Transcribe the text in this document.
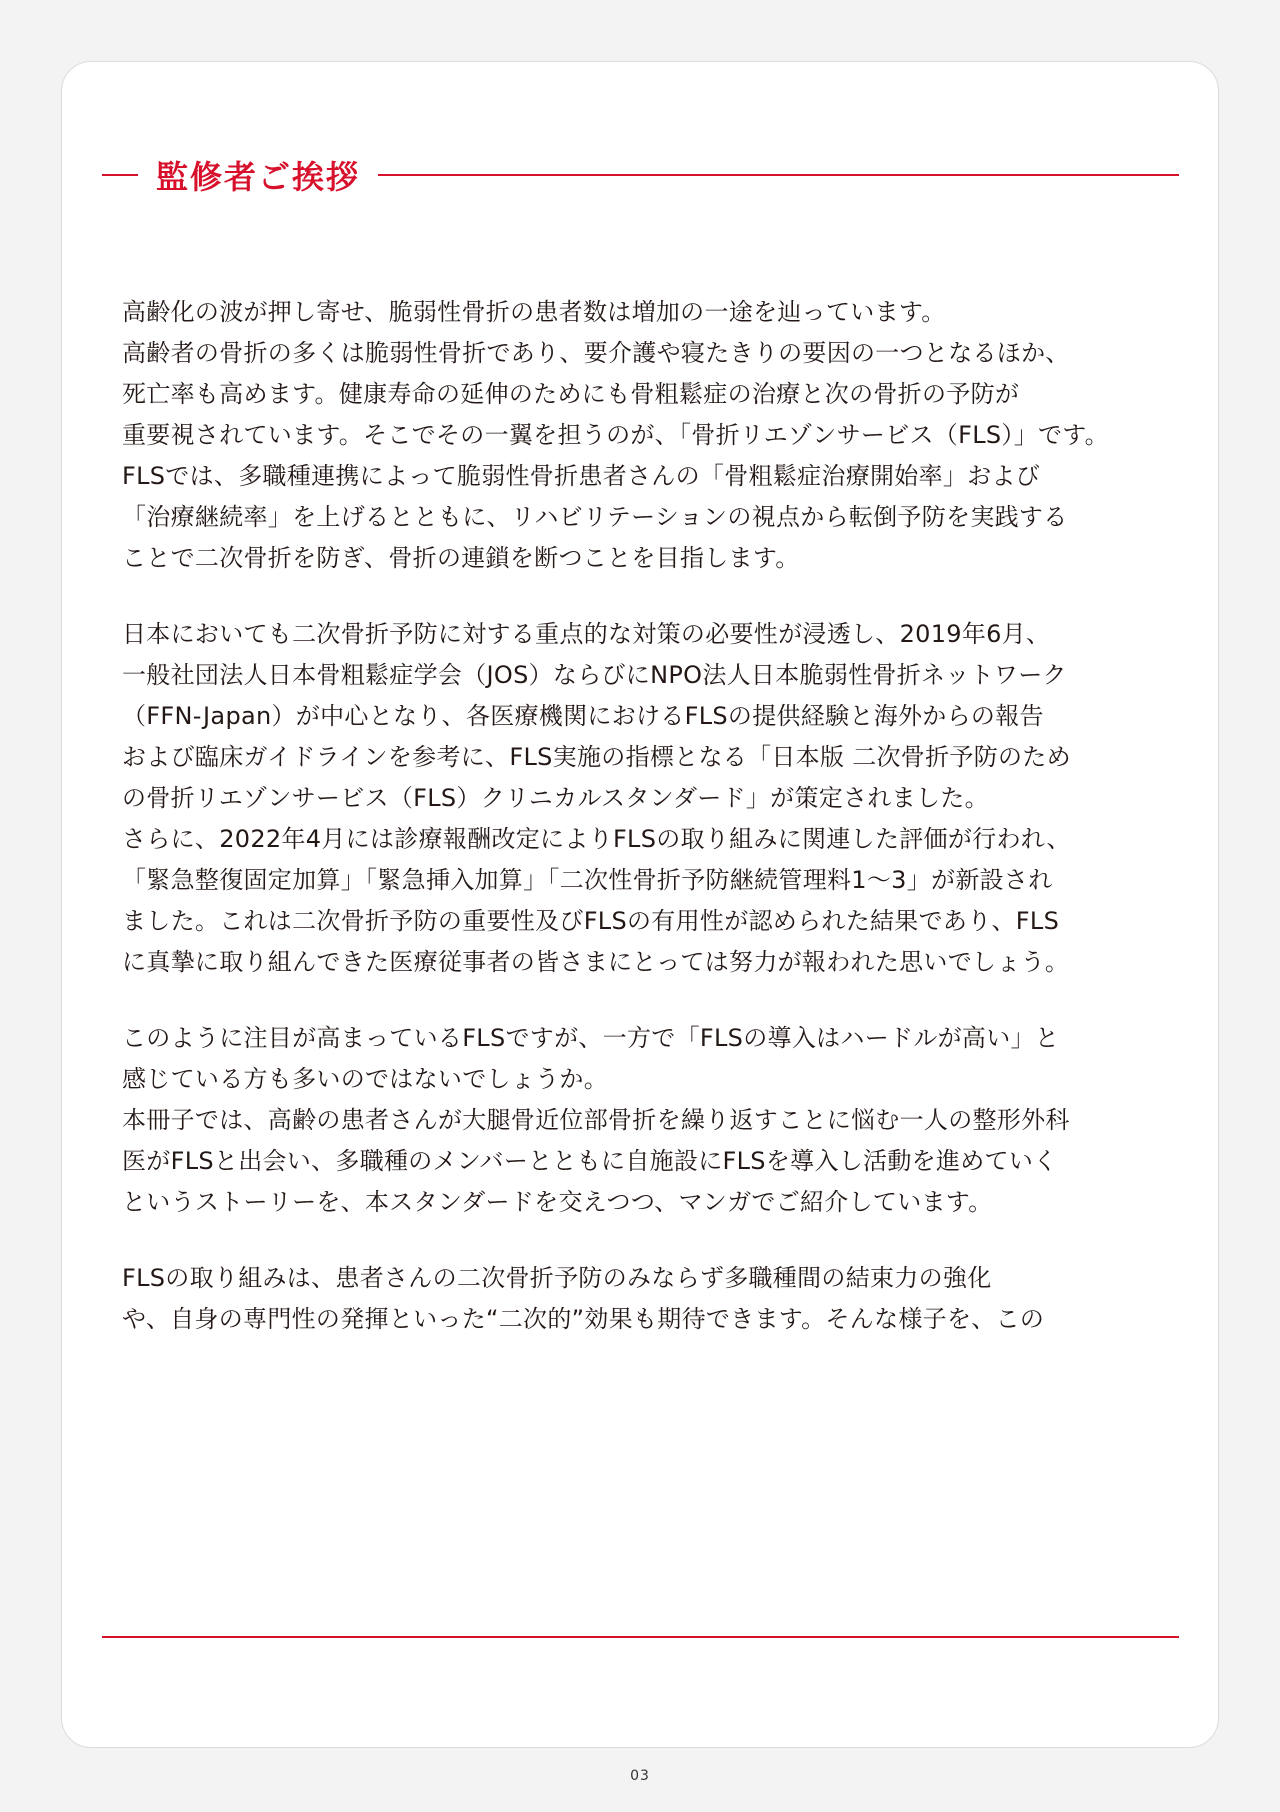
監修者ご挨拶
高齢化の波が押し寄せ、脆弱性骨折の患者数は増加の一途を辿っています。
高齢者の骨折の多くは脆弱性骨折であり、要介護や寝たきりの要因の一つとなるほか、
死亡率も高めます。健康寿命の延伸のためにも骨粗鬆症の治療と次の骨折の予防が
重要視されています。そこでその一翼を担うのが、「骨折リエゾンサービス（FLS）」です。
FLSでは、多職種連携によって脆弱性骨折患者さんの「骨粗鬆症治療開始率」および
「治療継続率」を上げるとともに、リハビリテーションの視点から転倒予防を実践する
ことで二次骨折を防ぎ、骨折の連鎖を断つことを目指します。
日本においても二次骨折予防に対する重点的な対策の必要性が浸透し、2019年6月、
一般社団法人日本骨粗鬆症学会（JOS）ならびにNPO法人日本脆弱性骨折ネットワーク
（FFN-Japan）が中心となり、各医療機関におけるFLSの提供経験と海外からの報告
および臨床ガイドラインを参考に、FLS実施の指標となる「日本版 二次骨折予防のため
の骨折リエゾンサービス（FLS）クリニカルスタンダード」が策定されました。
さらに、2022年4月には診療報酬改定によりFLSの取り組みに関連した評価が行われ、
「緊急整復固定加算」「緊急挿入加算」「二次性骨折予防継続管理料1～3」が新設され
ました。これは二次骨折予防の重要性及びFLSの有用性が認められた結果であり、FLS
に真摯に取り組んできた医療従事者の皆さまにとっては努力が報われた思いでしょう。
このように注目が高まっているFLSですが、一方で「FLSの導入はハードルが高い」と
感じている方も多いのではないでしょうか。
本冊子では、高齢の患者さんが大腿骨近位部骨折を繰り返すことに悩む一人の整形外科
医がFLSと出会い、多職種のメンバーとともに自施設にFLSを導入し活動を進めていく
というストーリーを、本スタンダードを交えつつ、マンガでご紹介しています。
FLSの取り組みは、患者さんの二次骨折予防のみならず多職種間の結束力の強化
や、自身の専門性の発揮といった“二次的”効果も期待できます。そんな様子を、この
03
